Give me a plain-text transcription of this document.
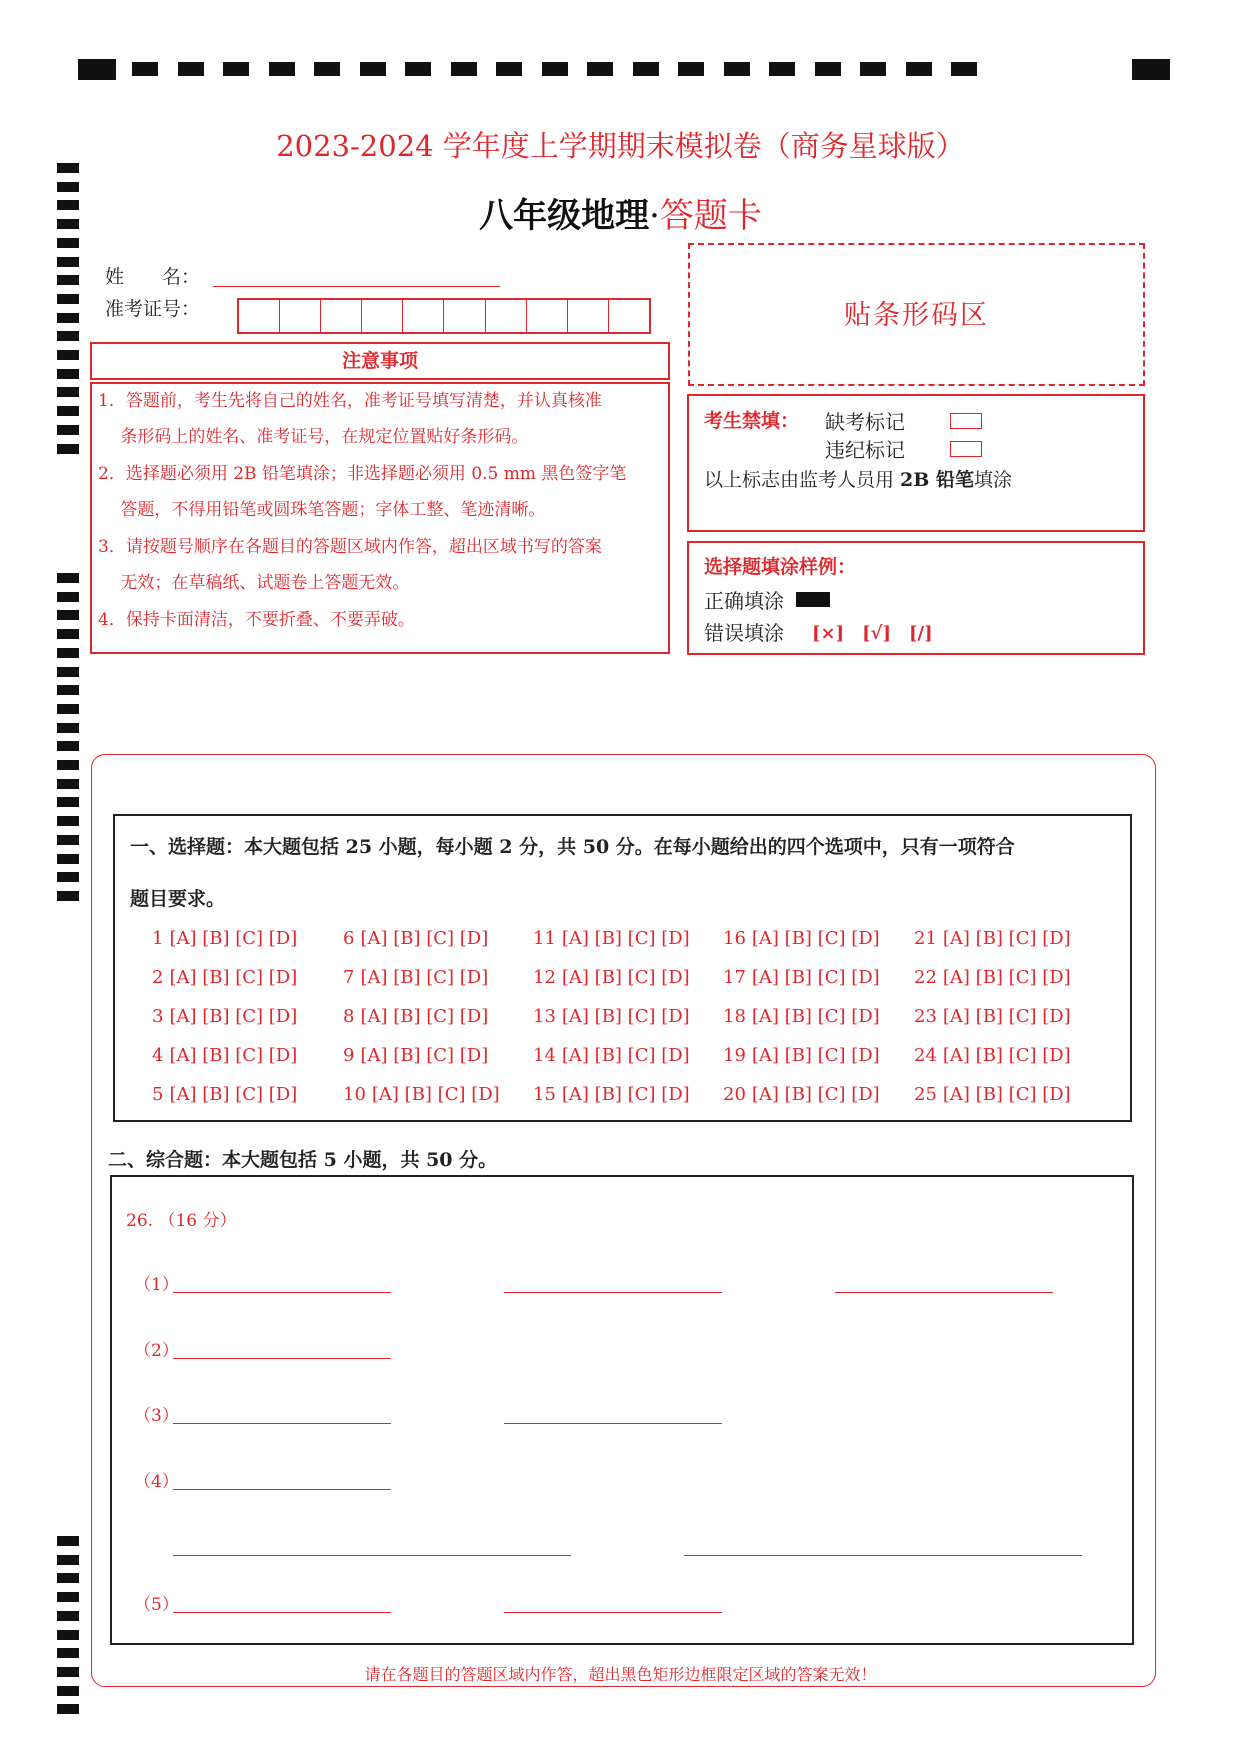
2023-2024 学年度上学期期末模拟卷（商务星球版）
八年级地理·答题卡
姓　　名：
准考证号：	贴条形码区
注意事项
1．答题前，考生先将自己的姓名，准考证号填写清楚，并认真核准
　 条形码上的姓名、准考证号，在规定位置贴好条形码。
2．选择题必须用 2B 铅笔填涂；非选择题必须用 0.5 mm 黑色签字笔
　 答题，不得用铅笔或圆珠笔答题；字体工整、笔迹清晰。
3．请按题号顺序在各题目的答题区域内作答，超出区域书写的答案
　 无效；在草稿纸、试题卷上答题无效。
4．保持卡面清洁，不要折叠、不要弄破。
考生禁填： 缺考标记
违纪标记
以上标志由监考人员用 2B 铅笔填涂
选择题填涂样例：
正确填涂
错误填涂 [×]　[√]　[/]
一、选择题：本大题包括 25 小题，每小题 2 分，共 50 分。在每小题给出的四个选项中，只有一项符合
题目要求。
1 [A] [B] [C] [D]	6 [A] [B] [C] [D] 11 [A] [B] [C] [D] 16 [A] [B] [C] [D] 21 [A] [B] [C] [D]
2 [A] [B] [C] [D]	7 [A] [B] [C] [D] 12 [A] [B] [C] [D] 17 [A] [B] [C] [D] 22 [A] [B] [C] [D]
3 [A] [B] [C] [D]	8 [A] [B] [C] [D] 13 [A] [B] [C] [D] 18 [A] [B] [C] [D] 23 [A] [B] [C] [D]
4 [A] [B] [C] [D]	9 [A] [B] [C] [D] 14 [A] [B] [C] [D] 19 [A] [B] [C] [D] 24 [A] [B] [C] [D]
5 [A] [B] [C] [D]	10 [A] [B] [C] [D] 15 [A] [B] [C] [D] 20 [A] [B] [C] [D] 25 [A] [B] [C] [D]
二、综合题：本大题包括 5 小题，共 50 分。
26. （16 分）
（1）
（2）
（3）
（4）
（5）
请在各题目的答题区域内作答，超出黑色矩形边框限定区域的答案无效！
